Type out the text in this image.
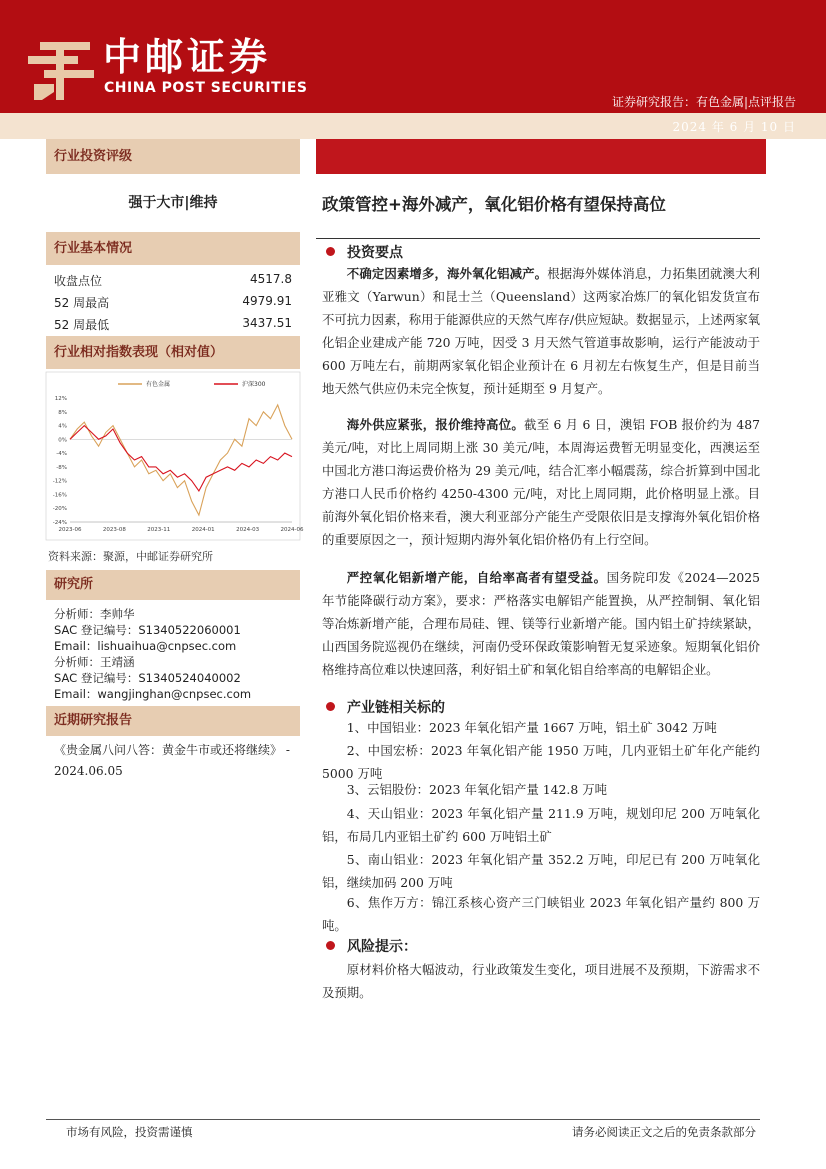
中邮证券
CHINA POST SECURITIES
证券研究报告：有色金属|点评报告
2024 年 6 月 10 日
行业投资评级
强于大市|维持
行业基本情况
收盘点位	4517.8
52 周最高	4979.91
52 周最低	3437.51
行业相对指数表现（相对值）
12%
8%
4%
0%
-4%
-8%
-12%
-16%
-20%
-24%
2023-06	2023-08	2023-11	2024-01	2024-03	2024-06
有色金属	沪深300
资料来源：聚源，中邮证券研究所
研究所
分析师：李帅华
SAC 登记编号：S1340522060001
Email：lishuaihua@cnpsec.com
分析师：王靖涵
SAC 登记编号：S1340524040002
Email：wangjinghan@cnpsec.com
近期研究报告
《贵金属八问八答：黄金牛市或还将继续》 - 2024.06.05
政策管控+海外减产，氧化铝价格有望保持高位
投资要点
不确定因素增多，海外氧化铝减产。根据海外媒体消息，力拓集团就澳大利亚雅文（Yarwun）和昆士兰（Queensland）这两家冶炼厂的氧化铝发货宣布不可抗力因素，称用于能源供应的天然气库存/供应短缺。数据显示，上述两家氧化铝企业建成产能 720 万吨，因受 3 月天然气管道事故影响，运行产能波动于 600 万吨左右，前期两家氧化铝企业预计在 6 月初左右恢复生产，但是目前当地天然气供应仍未完全恢复，预计延期至 9 月复产。
海外供应紧张，报价维持高位。截至 6 月 6 日，澳铝 FOB 报价约为 487 美元/吨，对比上周同期上涨 30 美元/吨，本周海运费暂无明显变化，西澳运至中国北方港口海运费价格为 29 美元/吨，结合汇率小幅震荡，综合折算到中国北方港口人民币价格约 4250-4300 元/吨，对比上周同期，此价格明显上涨。目前海外氧化铝价格来看，澳大利亚部分产能生产受限依旧是支撑海外氧化铝价格的重要原因之一，预计短期内海外氧化铝价格仍有上行空间。
严控氧化铝新增产能，自给率高者有望受益。国务院印发《2024—2025 年节能降碳行动方案》，要求：严格落实电解铝产能置换，从严控制铜、氧化铝等冶炼新增产能，合理布局硅、锂、镁等行业新增产能。国内铝土矿持续紧缺，山西国务院巡视仍在继续，河南仍受环保政策影响暂无复采迹象。短期氧化铝价格维持高位难以快速回落，利好铝土矿和氧化铝自给率高的电解铝企业。
产业链相关标的
1、中国铝业：2023 年氧化铝产量 1667 万吨，铝土矿 3042 万吨
2、中国宏桥：2023 年氧化铝产能 1950 万吨，几内亚铝土矿年化产能约 5000 万吨
3、云铝股份：2023 年氧化铝产量 142.8 万吨
4、天山铝业：2023 年氧化铝产量 211.9 万吨，规划印尼 200 万吨氧化铝，布局几内亚铝土矿约 600 万吨铝土矿
5、南山铝业：2023 年氧化铝产量 352.2 万吨，印尼已有 200 万吨氧化铝，继续加码 200 万吨
6、焦作万方：锦江系核心资产三门峡铝业 2023 年氧化铝产量约 800 万吨。
风险提示：
原材料价格大幅波动，行业政策发生变化，项目进展不及预期，下游需求不及预期。
市场有风险，投资需谨慎	请务必阅读正文之后的免责条款部分
